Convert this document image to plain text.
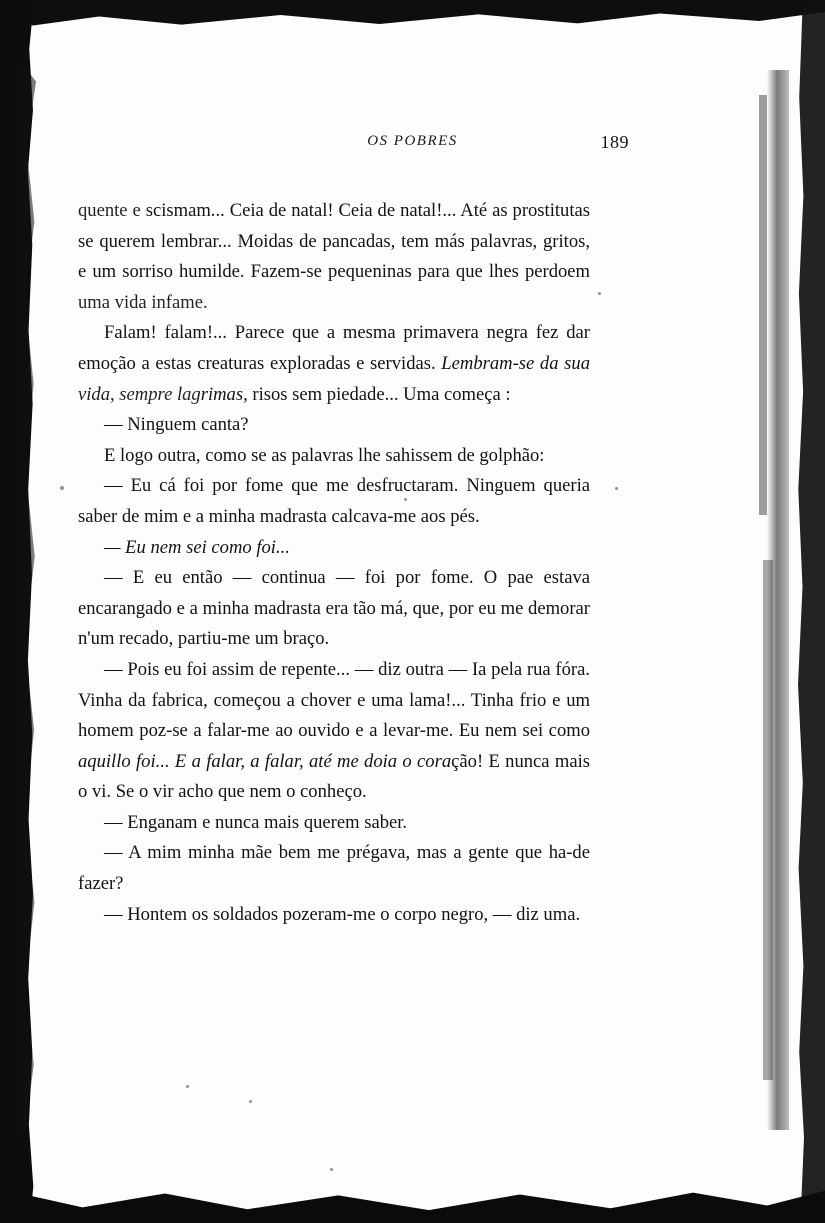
OS POBRES	189

quente e scismam... Ceia de natal! Ceia de natal!... Até as prostitutas se querem lembrar... Moidas de pancadas, tem más palavras, gritos, e um sorriso humilde. Fazem-se pequeninas para que lhes perdoem uma vida infame.

Falam! falam!... Parece que a mesma primavera negra fez dar emoção a estas creaturas exploradas e servidas. Lembram-se da sua vida, sempre lagrimas, risos sem piedade... Uma começa :

— Ninguem canta?

E logo outra, como se as palavras lhe sahissem de golphão:

— Eu cá foi por fome que me desfructaram. Ninguem queria saber de mim e a minha madrasta calcava-me aos pés.

— Eu nem sei como foi...

— E eu então — continua — foi por fome. O pae estava encarangado e a minha madrasta era tão má, que, por eu me demorar n'um recado, partiu-me um braço.

— Pois eu foi assim de repente... — diz outra — Ia pela rua fóra. Vinha da fabrica, começou a chover e uma lama!... Tinha frio e um homem poz-se a falar-me ao ouvido e a levar-me. Eu nem sei como aquillo foi... E a falar, a falar, até me doia o coração! E nunca mais o vi. Se o vir acho que nem o conheço.

— Enganam e nunca mais querem saber.

— A mim minha mãe bem me prégava, mas a gente que ha-de fazer?

— Hontem os soldados pozeram-me o corpo negro, — diz uma.
